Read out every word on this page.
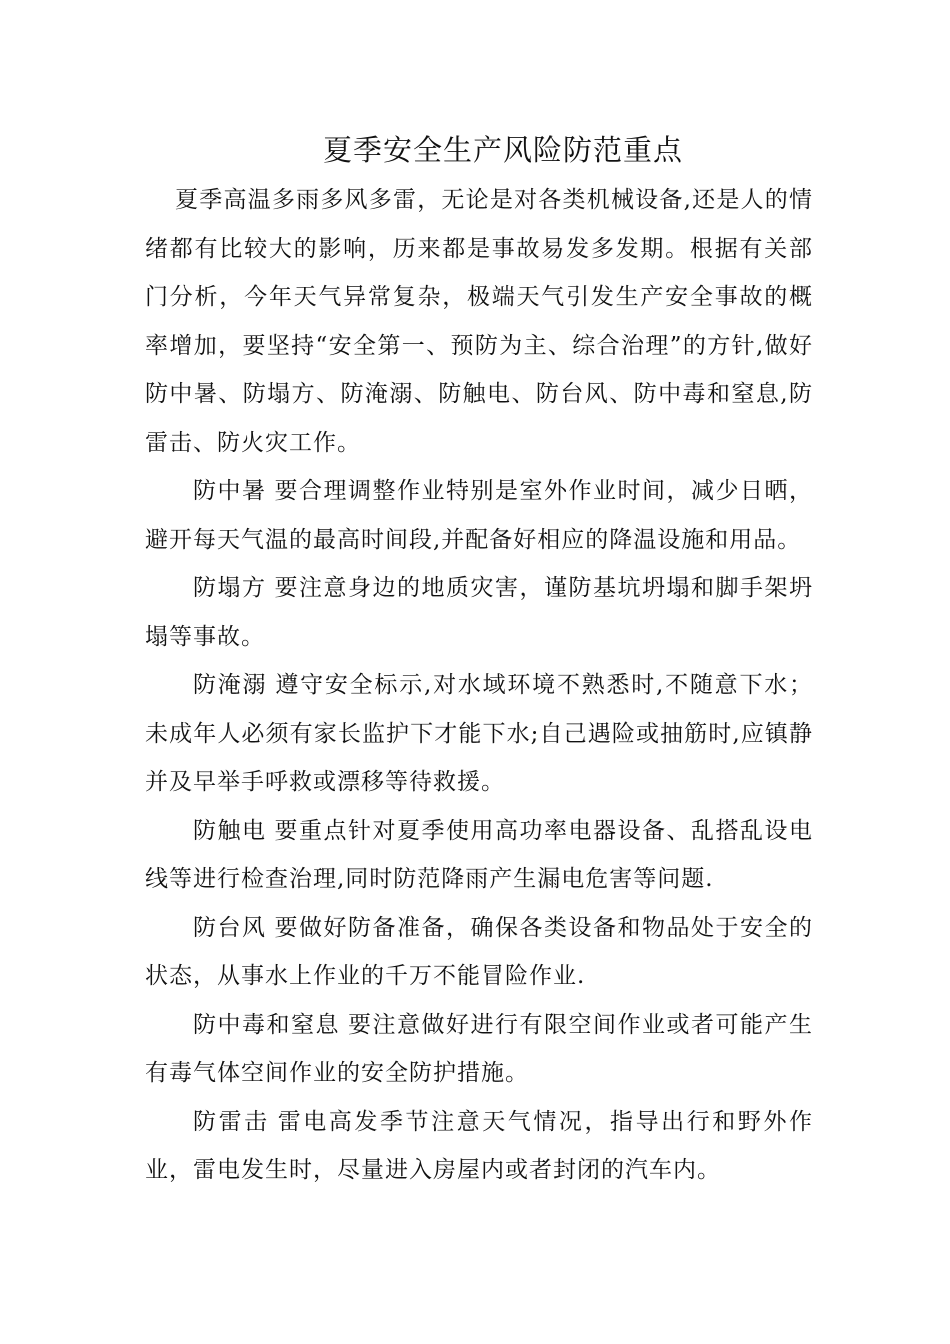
夏季安全生产风险防范重点

夏季高温多雨多风多雷，无论是对各类机械设备,还是人的情绪都有比较大的影响，历来都是事故易发多发期。根据有关部门分析，今年天气异常复杂，极端天气引发生产安全事故的概率增加，要坚持“安全第一、预防为主、综合治理”的方针,做好防中暑、防塌方、防淹溺、防触电、防台风、防中毒和窒息,防雷击、防火灾工作。

防中暑 要合理调整作业特别是室外作业时间，减少日晒，避开每天气温的最高时间段,并配备好相应的降温设施和用品。

防塌方 要注意身边的地质灾害，谨防基坑坍塌和脚手架坍塌等事故。

防淹溺 遵守安全标示,对水域环境不熟悉时,不随意下水；未成年人必须有家长监护下才能下水;自己遇险或抽筋时,应镇静并及早举手呼救或漂移等待救援。

防触电 要重点针对夏季使用高功率电器设备、乱搭乱设电线等进行检查治理,同时防范降雨产生漏电危害等问题.

防台风 要做好防备准备，确保各类设备和物品处于安全的状态，从事水上作业的千万不能冒险作业.

防中毒和窒息 要注意做好进行有限空间作业或者可能产生有毒气体空间作业的安全防护措施。

防雷击 雷电高发季节注意天气情况，指导出行和野外作业，雷电发生时，尽量进入房屋内或者封闭的汽车内。
